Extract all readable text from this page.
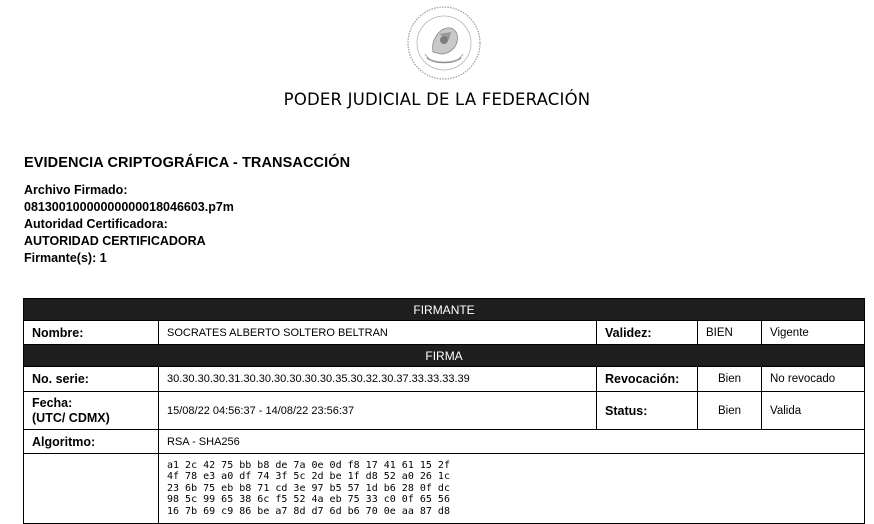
PODER JUDICIAL DE LA FEDERACIÓN
EVIDENCIA CRIPTOGRÁFICA - TRANSACCIÓN
Archivo Firmado:
08130010000000000018046603.p7m
Autoridad Certificadora:
AUTORIDAD CERTIFICADORA
Firmante(s): 1
FIRMANTE				
Nombre:	SOCRATES ALBERTO SOLTERO BELTRAN	Validez:	BIEN	Vigente
FIRMA				
No. serie:	30.30.30.30.31.30.30.30.30.30.30.35.30.32.30.37.33.33.33.39	Revocación:	Bien	No revocado

Fecha:
(UTC/ CDMX)	15/08/22 04:56:37 - 14/08/22 23:56:37	Status:	Bien	Valida
Algoritmo:	RSA - SHA256			

	a1 2c 42 75 bb b8 de 7a 0e 0d f8 17 41 61 15 2f
4f 78 e3 a0 df 74 3f 5c 2d be 1f d8 52 a0 26 1c
23 6b 75 eb b8 71 cd 3e 97 b5 57 1d b6 28 0f dc
98 5c 99 65 38 6c f5 52 4a eb 75 33 c0 0f 65 56
16 7b 69 c9 86 be a7 8d d7 6d b6 70 0e aa 87 d8			
